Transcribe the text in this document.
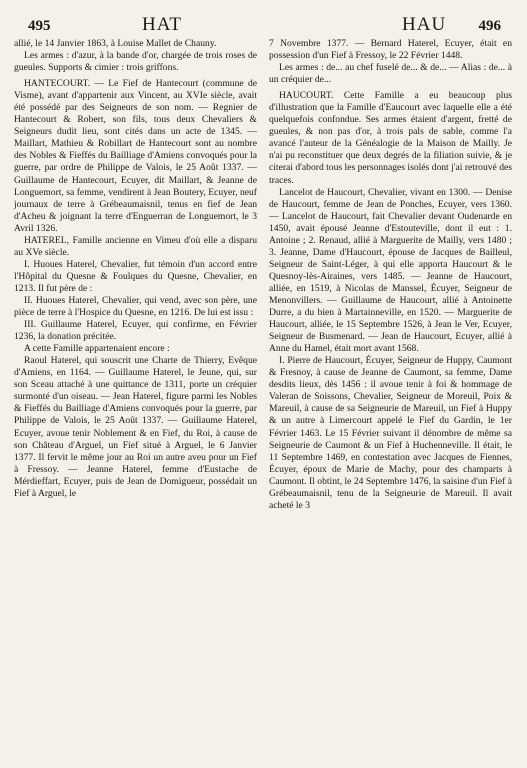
495	HAT	HAU 496

allié, le 14 Janvier 1863, à Louise Mallet de Chauny.

Les armes : d'azur, à la bande d'or, chargée de trois roses de gueules. Supports & cimier : trois griffons.

HANTECOURT. — Le Fief de Hantecourt (commune de Visme), avant d'appartenir aux Vincent, au XVIe siècle, avait été possédé par des Seigneurs de son nom. — Regnier de Hantecourt & Robert, son fils, tous deux Chevaliers & Seigneurs dudit lieu, sont cités dans un acte de 1345. — Maillart, Mathieu & Robillart de Hantecourt sont au nombre des Nobles & Fieffés du Bailliage d'Amiens convoqués pour la guerre, par ordre de Philippe de Valois, le 25 Août 1337. — Guillaume de Hantecourt, Ecuyer, dit Maillart, & Jeanne de Longuemort, sa femme, vendirent à Jean Boutery, Ecuyer, neuf journaux de terre à Grébeaumaisnil, tenus en fief de Jean d'Acheu & joignant la terre d'Enguerran de Longuemort, le 3 Avril 1326.

HATEREL, Famille ancienne en Vimeu d'où elle a disparu au XVe siècle.

I. Huoues Haterel, Chevalier, fut témoin d'un accord entre l'Hôpital du Quesne & Foulques du Quesne, Chevalier, en 1213. Il fut père de :

II. Huoues Haterel, Chevalier, qui vend, avec son père, une pièce de terre à l'Hospice du Quesne, en 1216. De lui est issu :

III. Guillaume Haterel, Ecuyer, qui confirme, en Février 1236, la donation précitée.

A cette Famille appartenaient encore :

Raoul Haterel, qui souscrit une Charte de Thierry, Evêque d'Amiens, en 1164. — Guillaume Haterel, le Jeune, qui, sur son Sceau attaché à une quittance de 1311, porte un créquier surmonté d'un oiseau. — Jean Haterel, figure parmi les Nobles & Fieffés du Bailliage d'Amiens convoqués pour la guerre, par Philippe de Valois, le 25 Août 1337. — Guillaume Haterel, Ecuyer, avoue tenir Noblement & en Fief, du Roi, à cause de son Château d'Arguel, un Fief situé à Arguel, le 6 Janvier 1377. Il fervit le même jour au Roi un autre aveu pour un Fief à Fressoy. — Jeanne Haterel, femme d'Eustache de Mérdieffart, Ecuyer, puis de Jean de Domigueur, possédait un Fief à Arguel, le

7 Novembre 1377. — Bernard Haterel, Ecuyer, était en possession d'un Fief à Fressoy, le 22 Février 1448.

Les armes : de... au chef fuselé de... & de... — Alias : de... à un créquier de...

HAUCOURT. Cette Famille a eu beaucoup plus d'illustration que la Famille d'Eaucourt avec laquelle elle a été quelquefois confondue. Ses armes étaient d'argent, fretté de gueules, & non pas d'or, à trois pals de sable, comme l'a avancé l'auteur de la Généalogie de la Maison de Mailly. Je n'ai pu reconstituer que deux degrés de la filiation suivie, & je citerai d'abord tous les personnages isolés dont j'ai retrouvé des traces.

Lancelot de Haucourt, Chevalier, vivant en 1300. — Denise de Haucourt, femme de Jean de Ponches, Ecuyer, vers 1360. — Lancelot de Haucourt, fait Chevalier devant Oudenarde en 1450, avait épousé Jeanne d'Estouteville, dont il eut : 1. Antoine ; 2. Renaud, allié à Marguerite de Mailly, vers 1480 ; 3. Jeanne, Dame d'Haucourt, épouse de Jacques de Bailleul, Seigneur de Saint-Léger, à qui elle apporta Haucourt & le Quesnoy-lès-Airaines, vers 1485. — Jeanne de Haucourt, alliée, en 1519, à Nicolas de Manssel, Écuyer, Seigneur de Menonvillers. — Guillaume de Haucourt, allié à Antoinette Durre, a du bien à Martainneville, en 1520. — Marguerite de Haucourt, alliée, le 15 Septembre 1526, à Jean le Ver, Ecuyer, Seigneur de Busmenard. — Jean de Haucourt, Ecuyer, allié à Anne du Hamel, était mort avant 1568.

I. Pierre de Haucourt, Écuyer, Seigneur de Huppy, Caumont & Fresnoy, à cause de Jeanne de Caumont, sa femme, Dame desdits lieux, dès 1456 : il avoue tenir à foi & hommage de Valeran de Soissons, Chevalier, Seigneur de Moreuil, Poix & Mareuil, à cause de sa Seigneurie de Mareuil, un Fief à Huppy & un autre à Limercourt appelé le Fief du Gardin, le 1er Février 1463. Le 15 Février suivant il dénombre de même sa Seigneurie de Caumont & un Fief à Huchenneville. Il était, le 11 Septembre 1469, en contestation avec Jacques de Fiennes, Écuyer, époux de Marie de Machy, pour des champarts à Caumont. Il obtint, le 24 Septembre 1476, la saisine d'un Fief à Grébeaumaisnil, tenu de la Seigneurie de Mareuil. Il avait acheté le 3
